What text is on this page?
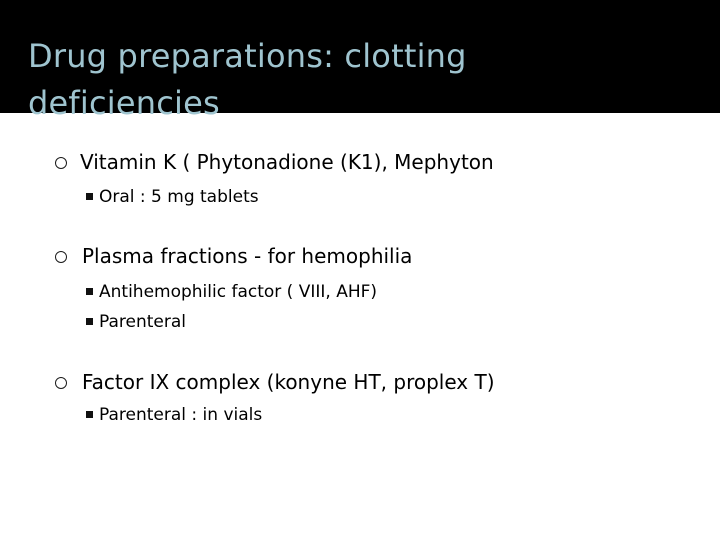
Drug preparations: clotting deficiencies
Vitamin K ( Phytonadione (K1), Mephyton
Oral : 5 mg tablets
Plasma fractions - for hemophilia
Antihemophilic factor ( VIII, AHF)
Parenteral
Factor IX complex (konyne HT, proplex T)
Parenteral : in vials
